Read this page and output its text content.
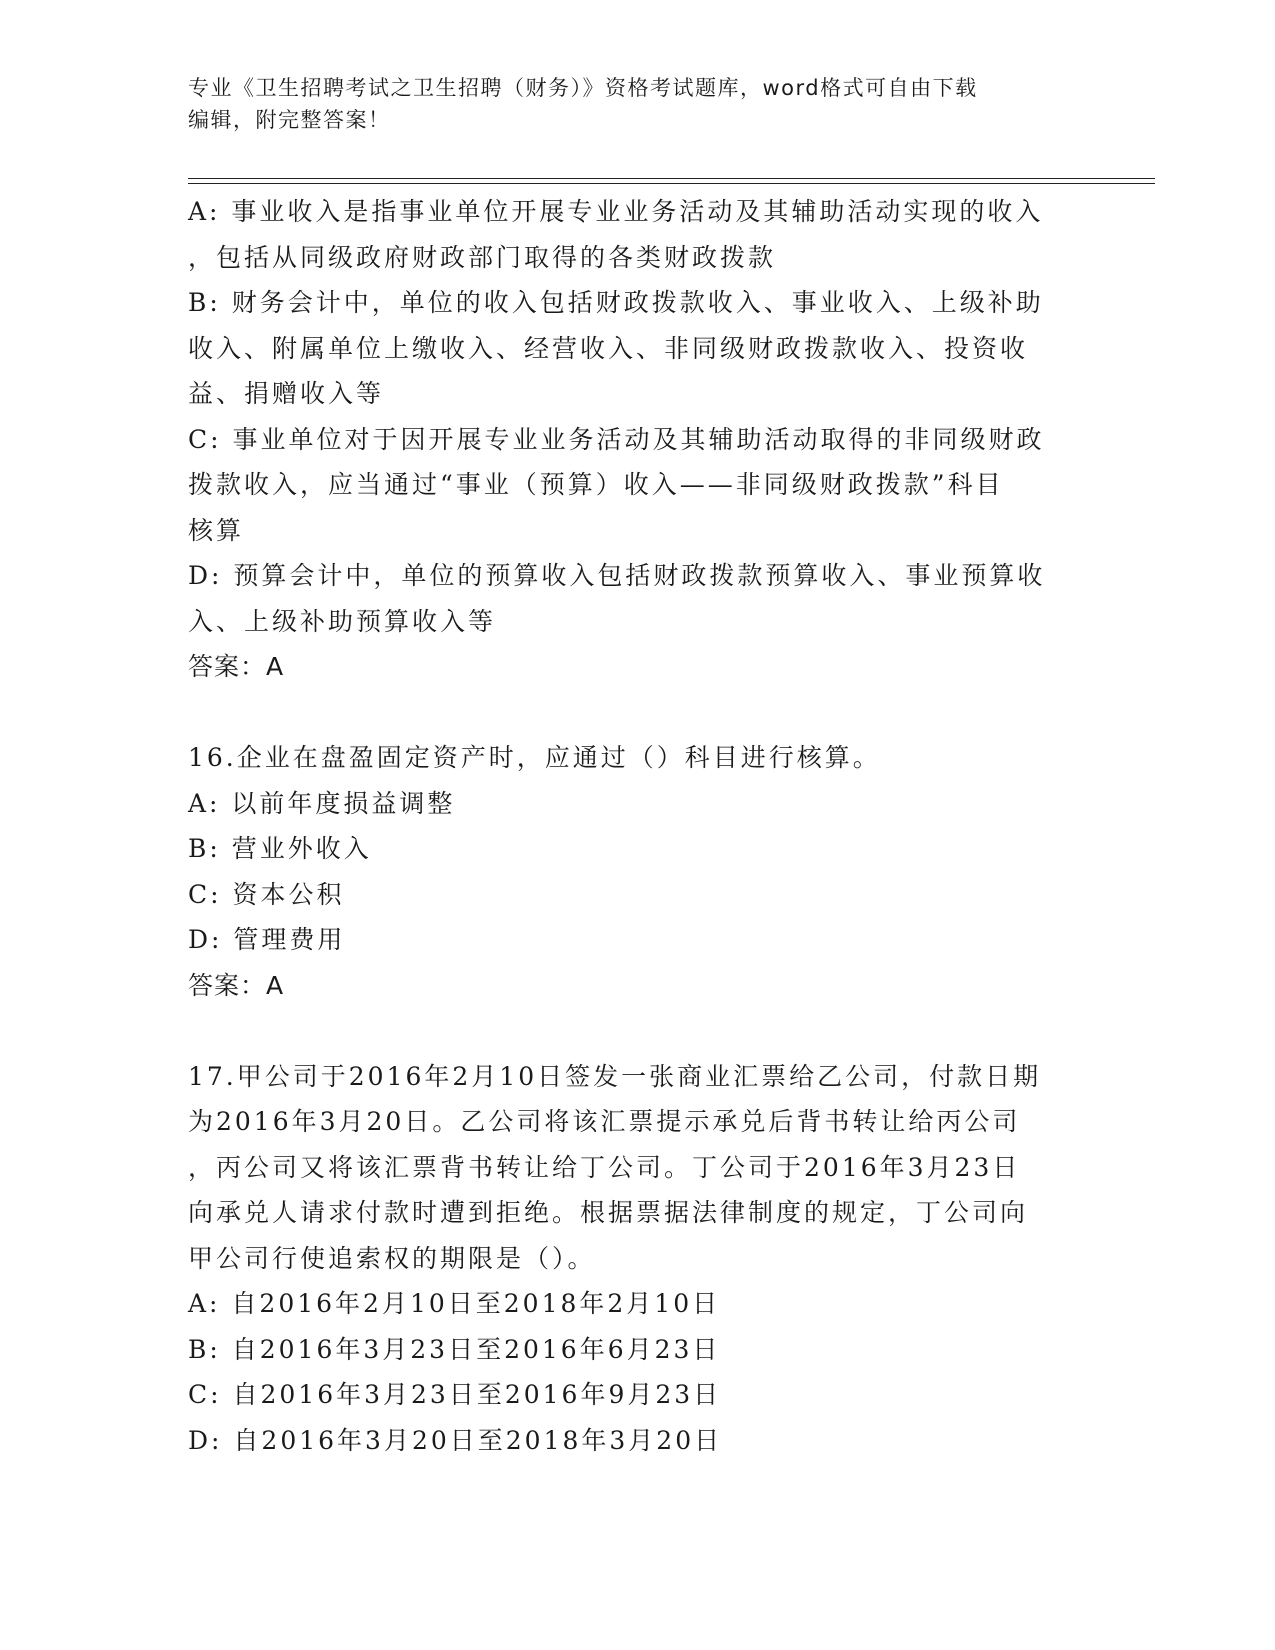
专业《卫生招聘考试之卫生招聘（财务）》资格考试题库，word格式可自由下载
编辑，附完整答案！
A: 事业收入是指事业单位开展专业业务活动及其辅助活动实现的收入
，包括从同级政府财政部门取得的各类财政拨款
B: 财务会计中，单位的收入包括财政拨款收入、事业收入、上级补助
收入、附属单位上缴收入、经营收入、非同级财政拨款收入、投资收
益、捐赠收入等
C: 事业单位对于因开展专业业务活动及其辅助活动取得的非同级财政
拨款收入，应当通过“事业（预算）收入——非同级财政拨款”科目
核算
D: 预算会计中，单位的预算收入包括财政拨款预算收入、事业预算收
入、上级补助预算收入等
答案：A
16.企业在盘盈固定资产时，应通过（）科目进行核算。
A: 以前年度损益调整
B: 营业外收入
C: 资本公积
D: 管理费用
答案：A
17.甲公司于2016年2月10日签发一张商业汇票给乙公司，付款日期
为2016年3月20日。乙公司将该汇票提示承兑后背书转让给丙公司
，丙公司又将该汇票背书转让给丁公司。丁公司于2016年3月23日
向承兑人请求付款时遭到拒绝。根据票据法律制度的规定，丁公司向
甲公司行使追索权的期限是（）。
A: 自2016年2月10日至2018年2月10日
B: 自2016年3月23日至2016年6月23日
C: 自2016年3月23日至2016年9月23日
D: 自2016年3月20日至2018年3月20日
